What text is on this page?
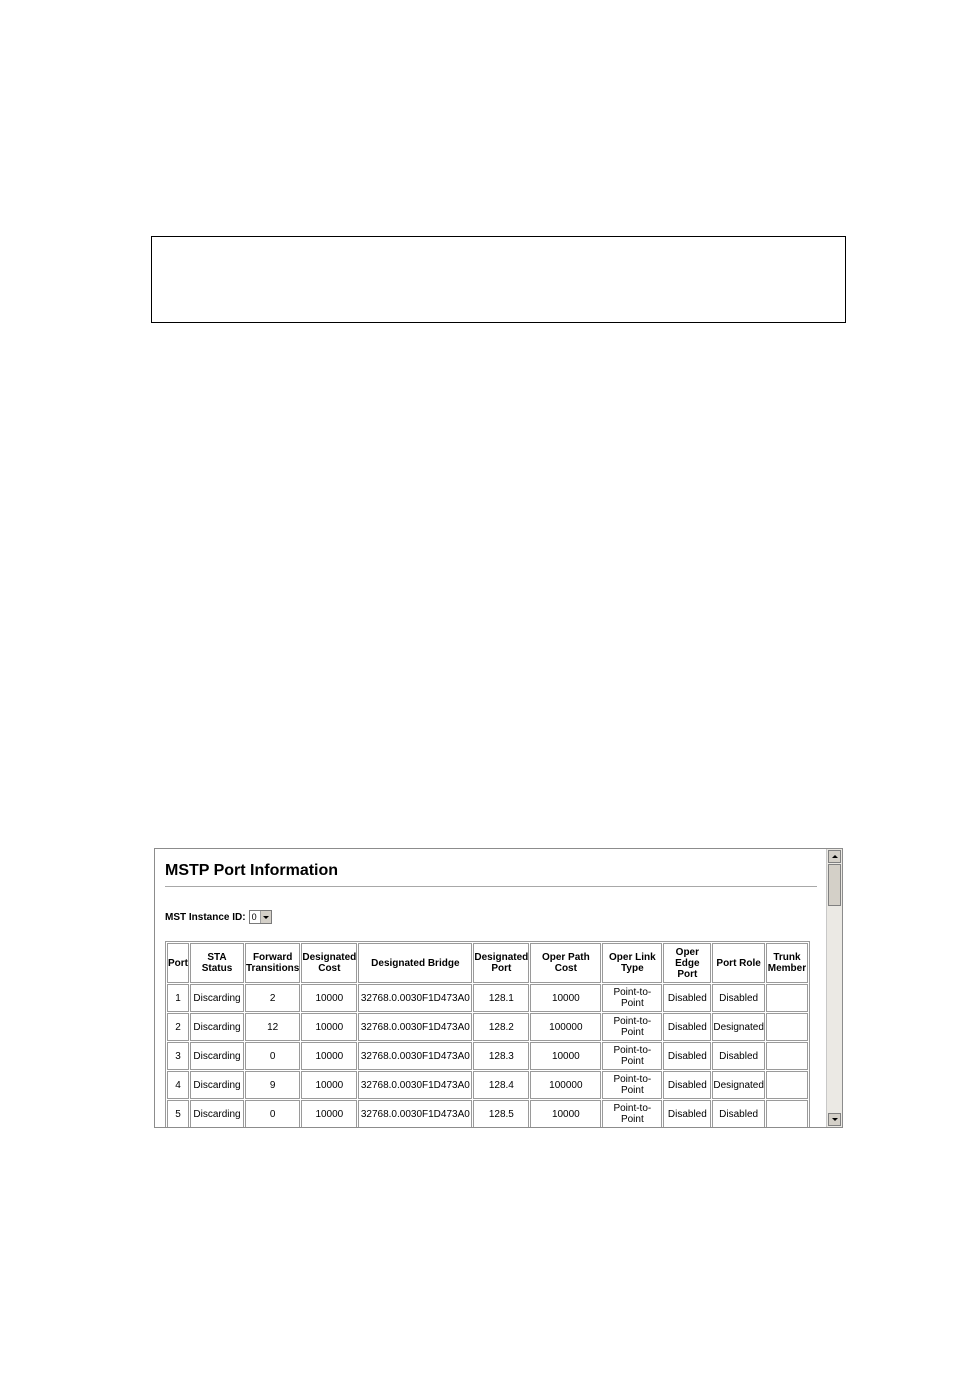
MSTP Port Information
MST Instance ID: 0
Port	STA Status	Forward Transitions	Designated Cost	Designated Bridge	Designated Port	Oper Path Cost	Oper Link Type	Oper Edge Port	Port Role	Trunk Member
1	Discarding	2	10000	32768.0.0030F1D473A0	128.1	10000	Point-to-Point	Disabled	Disabled	
2	Discarding	12	10000	32768.0.0030F1D473A0	128.2	100000	Point-to-Point	Disabled	Designated	
3	Discarding	0	10000	32768.0.0030F1D473A0	128.3	10000	Point-to-Point	Disabled	Disabled	
4	Discarding	9	10000	32768.0.0030F1D473A0	128.4	100000	Point-to-Point	Disabled	Designated	
5	Discarding	0	10000	32768.0.0030F1D473A0	128.5	10000	Point-to-Point	Disabled	Disabled	
